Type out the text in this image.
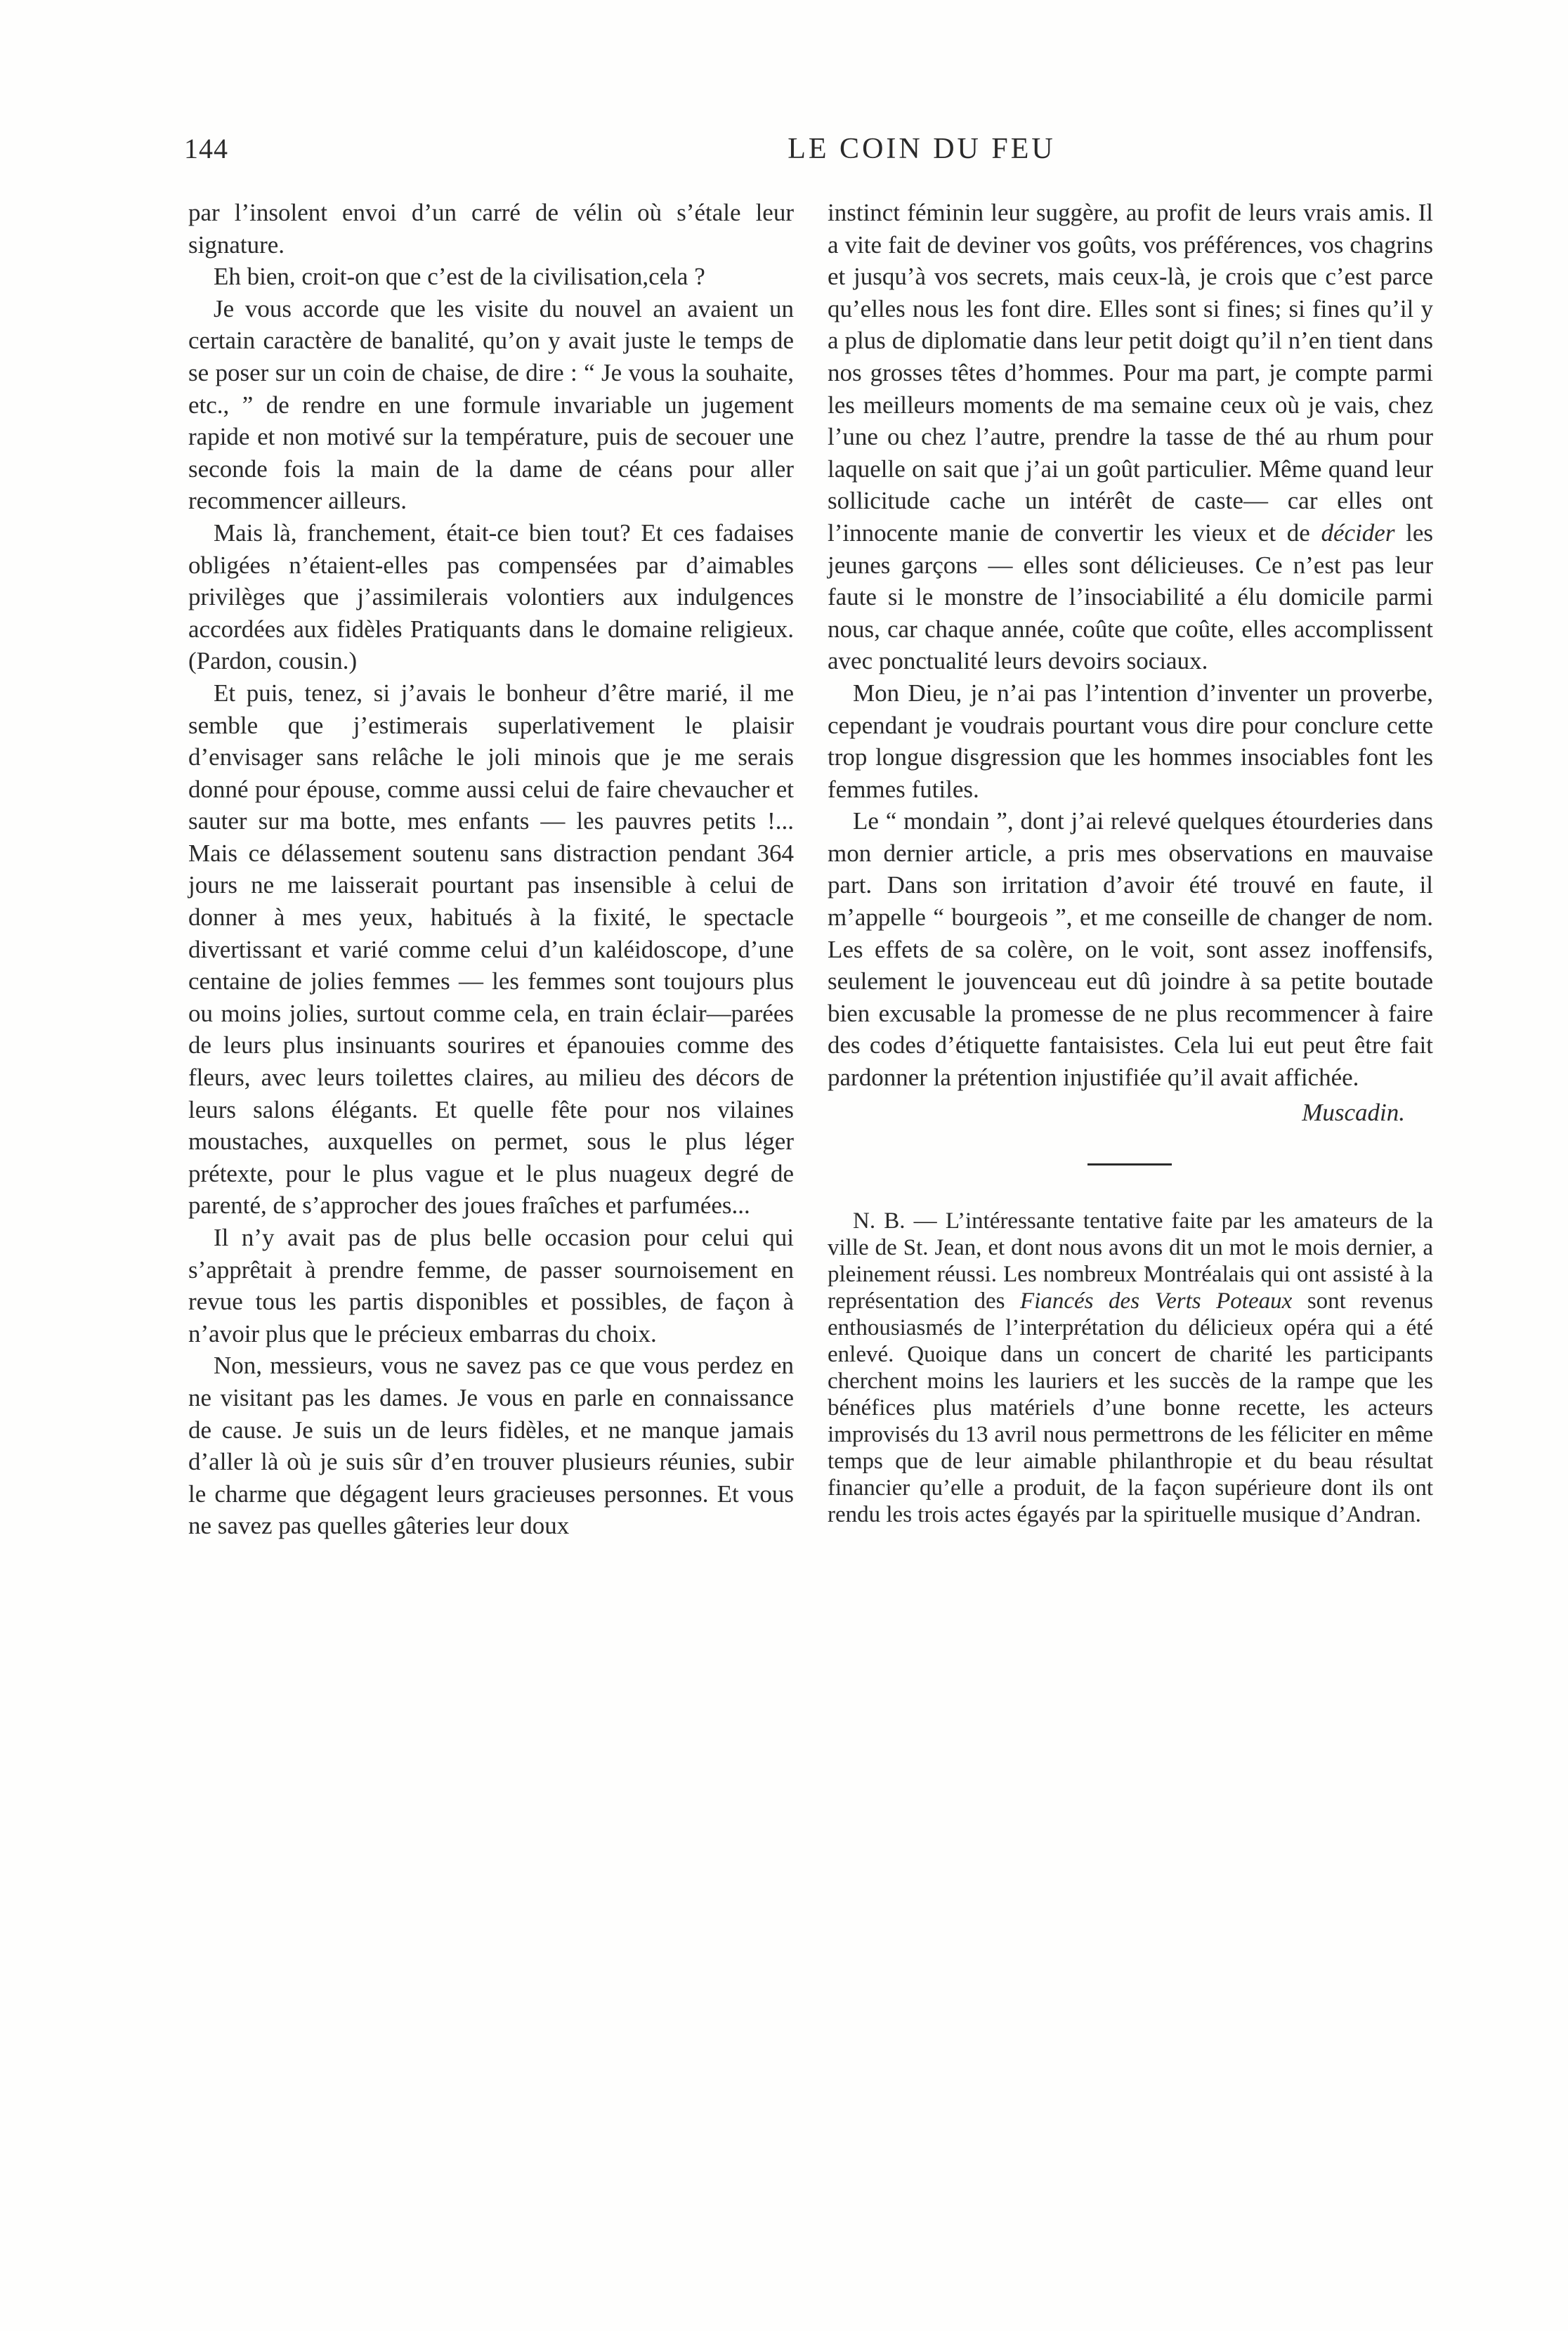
144	LE COIN DU FEU

par l’insolent envoi d’un carré de vélin où s’étale leur signature.

Eh bien, croit-on que c’est de la civilisation,cela ?

Je vous accorde que les visite du nouvel an avaient un certain caractère de banalité, qu’on y avait juste le temps de se poser sur un coin de chaise, de dire : “ Je vous la souhaite, etc., ” de rendre en une formule invariable un jugement rapide et non motivé sur la température, puis de secouer une seconde fois la main de la dame de céans pour aller recommencer ailleurs.

Mais là, franchement, était-ce bien tout? Et ces fadaises obligées n’étaient-elles pas compensées par d’aimables privilèges que j’assimilerais volontiers aux indulgences accordées aux fidèles Pratiquants dans le domaine religieux. (Pardon, cousin.)

Et puis, tenez, si j’avais le bonheur d’être marié, il me semble que j’estimerais superlativement le plaisir d’envisager sans relâche le joli minois que je me serais donné pour épouse, comme aussi celui de faire chevaucher et sauter sur ma botte, mes enfants — les pauvres petits !... Mais ce délassement soutenu sans distraction pendant 364 jours ne me laisserait pourtant pas insensible à celui de donner à mes yeux, habitués à la fixité, le spectacle divertissant et varié comme celui d’un kaléidoscope, d’une centaine de jolies femmes — les femmes sont toujours plus ou moins jolies, surtout comme cela, en train éclair—parées de leurs plus insinuants sourires et épanouies comme des fleurs, avec leurs toilettes claires, au milieu des décors de leurs salons élégants. Et quelle fête pour nos vilaines moustaches, auxquelles on permet, sous le plus léger prétexte, pour le plus vague et le plus nuageux degré de parenté, de s’approcher des joues fraîches et parfumées...

Il n’y avait pas de plus belle occasion pour celui qui s’apprêtait à prendre femme, de passer sournoisement en revue tous les partis disponibles et possibles, de façon à n’avoir plus que le précieux embarras du choix.

Non, messieurs, vous ne savez pas ce que vous perdez en ne visitant pas les dames. Je vous en parle en connaissance de cause. Je suis un de leurs fidèles, et ne manque jamais d’aller là où je suis sûr d’en trouver plusieurs réunies, subir le charme que dégagent leurs gracieuses personnes. Et vous ne savez pas quelles gâteries leur doux

instinct féminin leur suggère, au profit de leurs vrais amis. Il a vite fait de deviner vos goûts, vos préférences, vos chagrins et jusqu’à vos secrets, mais ceux-là, je crois que c’est parce qu’elles nous les font dire. Elles sont si fines; si fines qu’il y a plus de diplomatie dans leur petit doigt qu’il n’en tient dans nos grosses têtes d’hommes. Pour ma part, je compte parmi les meilleurs moments de ma semaine ceux où je vais, chez l’une ou chez l’autre, prendre la tasse de thé au rhum pour laquelle on sait que j’ai un goût particulier. Même quand leur sollicitude cache un intérêt de caste— car elles ont l’innocente manie de convertir les vieux et de décider les jeunes garçons — elles sont délicieuses. Ce n’est pas leur faute si le monstre de l’insociabilité a élu domicile parmi nous, car chaque année, coûte que coûte, elles accomplissent avec ponctualité leurs devoirs sociaux.

Mon Dieu, je n’ai pas l’intention d’inventer un proverbe, cependant je voudrais pourtant vous dire pour conclure cette trop longue disgression que les hommes insociables font les femmes futiles.

Le “ mondain ”, dont j’ai relevé quelques étourderies dans mon dernier article, a pris mes observations en mauvaise part. Dans son irritation d’avoir été trouvé en faute, il m’appelle “ bourgeois ”, et me conseille de changer de nom. Les effets de sa colère, on le voit, sont assez inoffensifs, seulement le jouvenceau eut dû joindre à sa petite boutade bien excusable la promesse de ne plus recommencer à faire des codes d’étiquette fantaisistes. Cela lui eut peut être fait pardonner la prétention injustifiée qu’il avait affichée.

Muscadin.

N. B. — L’intéressante tentative faite par les amateurs de la ville de St. Jean, et dont nous avons dit un mot le mois dernier, a pleinement réussi. Les nombreux Montréalais qui ont assisté à la représentation des Fiancés des Verts Poteaux sont revenus enthousiasmés de l’interprétation du délicieux opéra qui a été enlevé. Quoique dans un concert de charité les participants cherchent moins les lauriers et les succès de la rampe que les bénéfices plus matériels d’une bonne recette, les acteurs improvisés du 13 avril nous permettrons de les féliciter en même temps que de leur aimable philanthropie et du beau résultat financier qu’elle a produit, de la façon supérieure dont ils ont rendu les trois actes égayés par la spirituelle musique d’Andran.
